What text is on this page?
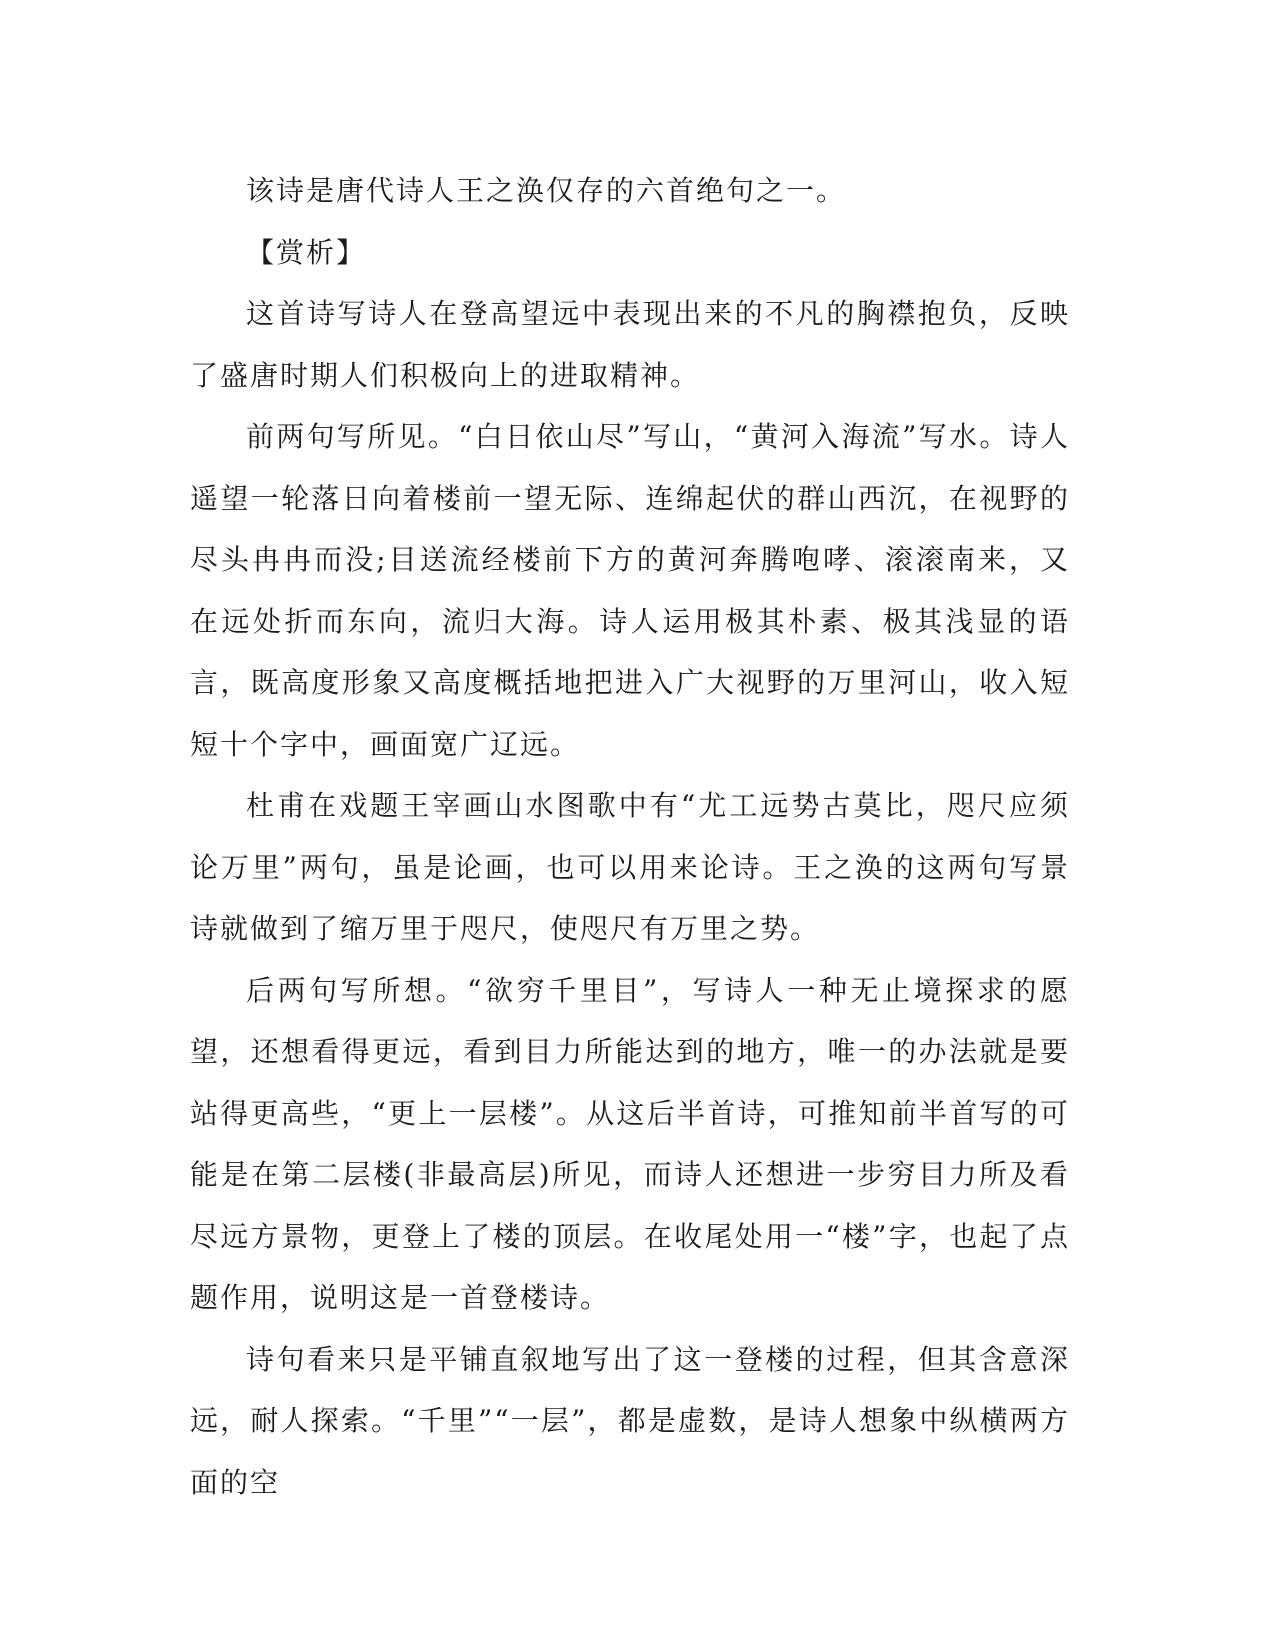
该诗是唐代诗人王之涣仅存的六首绝句之一。

【赏析】

这首诗写诗人在登高望远中表现出来的不凡的胸襟抱负，反映了盛唐时期人们积极向上的进取精神。

前两句写所见。“白日依山尽”写山，“黄河入海流”写水。诗人遥望一轮落日向着楼前一望无际、连绵起伏的群山西沉，在视野的尽头冉冉而没;目送流经楼前下方的黄河奔腾咆哮、滚滚南来，又在远处折而东向，流归大海。诗人运用极其朴素、极其浅显的语言，既高度形象又高度概括地把进入广大视野的万里河山，收入短短十个字中，画面宽广辽远。

杜甫在戏题王宰画山水图歌中有“尤工远势古莫比，咫尺应须论万里”两句，虽是论画，也可以用来论诗。王之涣的这两句写景诗就做到了缩万里于咫尺，使咫尺有万里之势。

后两句写所想。“欲穷千里目”，写诗人一种无止境探求的愿望，还想看得更远，看到目力所能达到的地方，唯一的办法就是要站得更高些，“更上一层楼”。从这后半首诗，可推知前半首写的可能是在第二层楼(非最高层)所见，而诗人还想进一步穷目力所及看尽远方景物，更登上了楼的顶层。在收尾处用一“楼”字，也起了点题作用，说明这是一首登楼诗。

诗句看来只是平铺直叙地写出了这一登楼的过程，但其含意深远，耐人探索。“千里”“一层”，都是虚数，是诗人想象中纵横两方面的空
